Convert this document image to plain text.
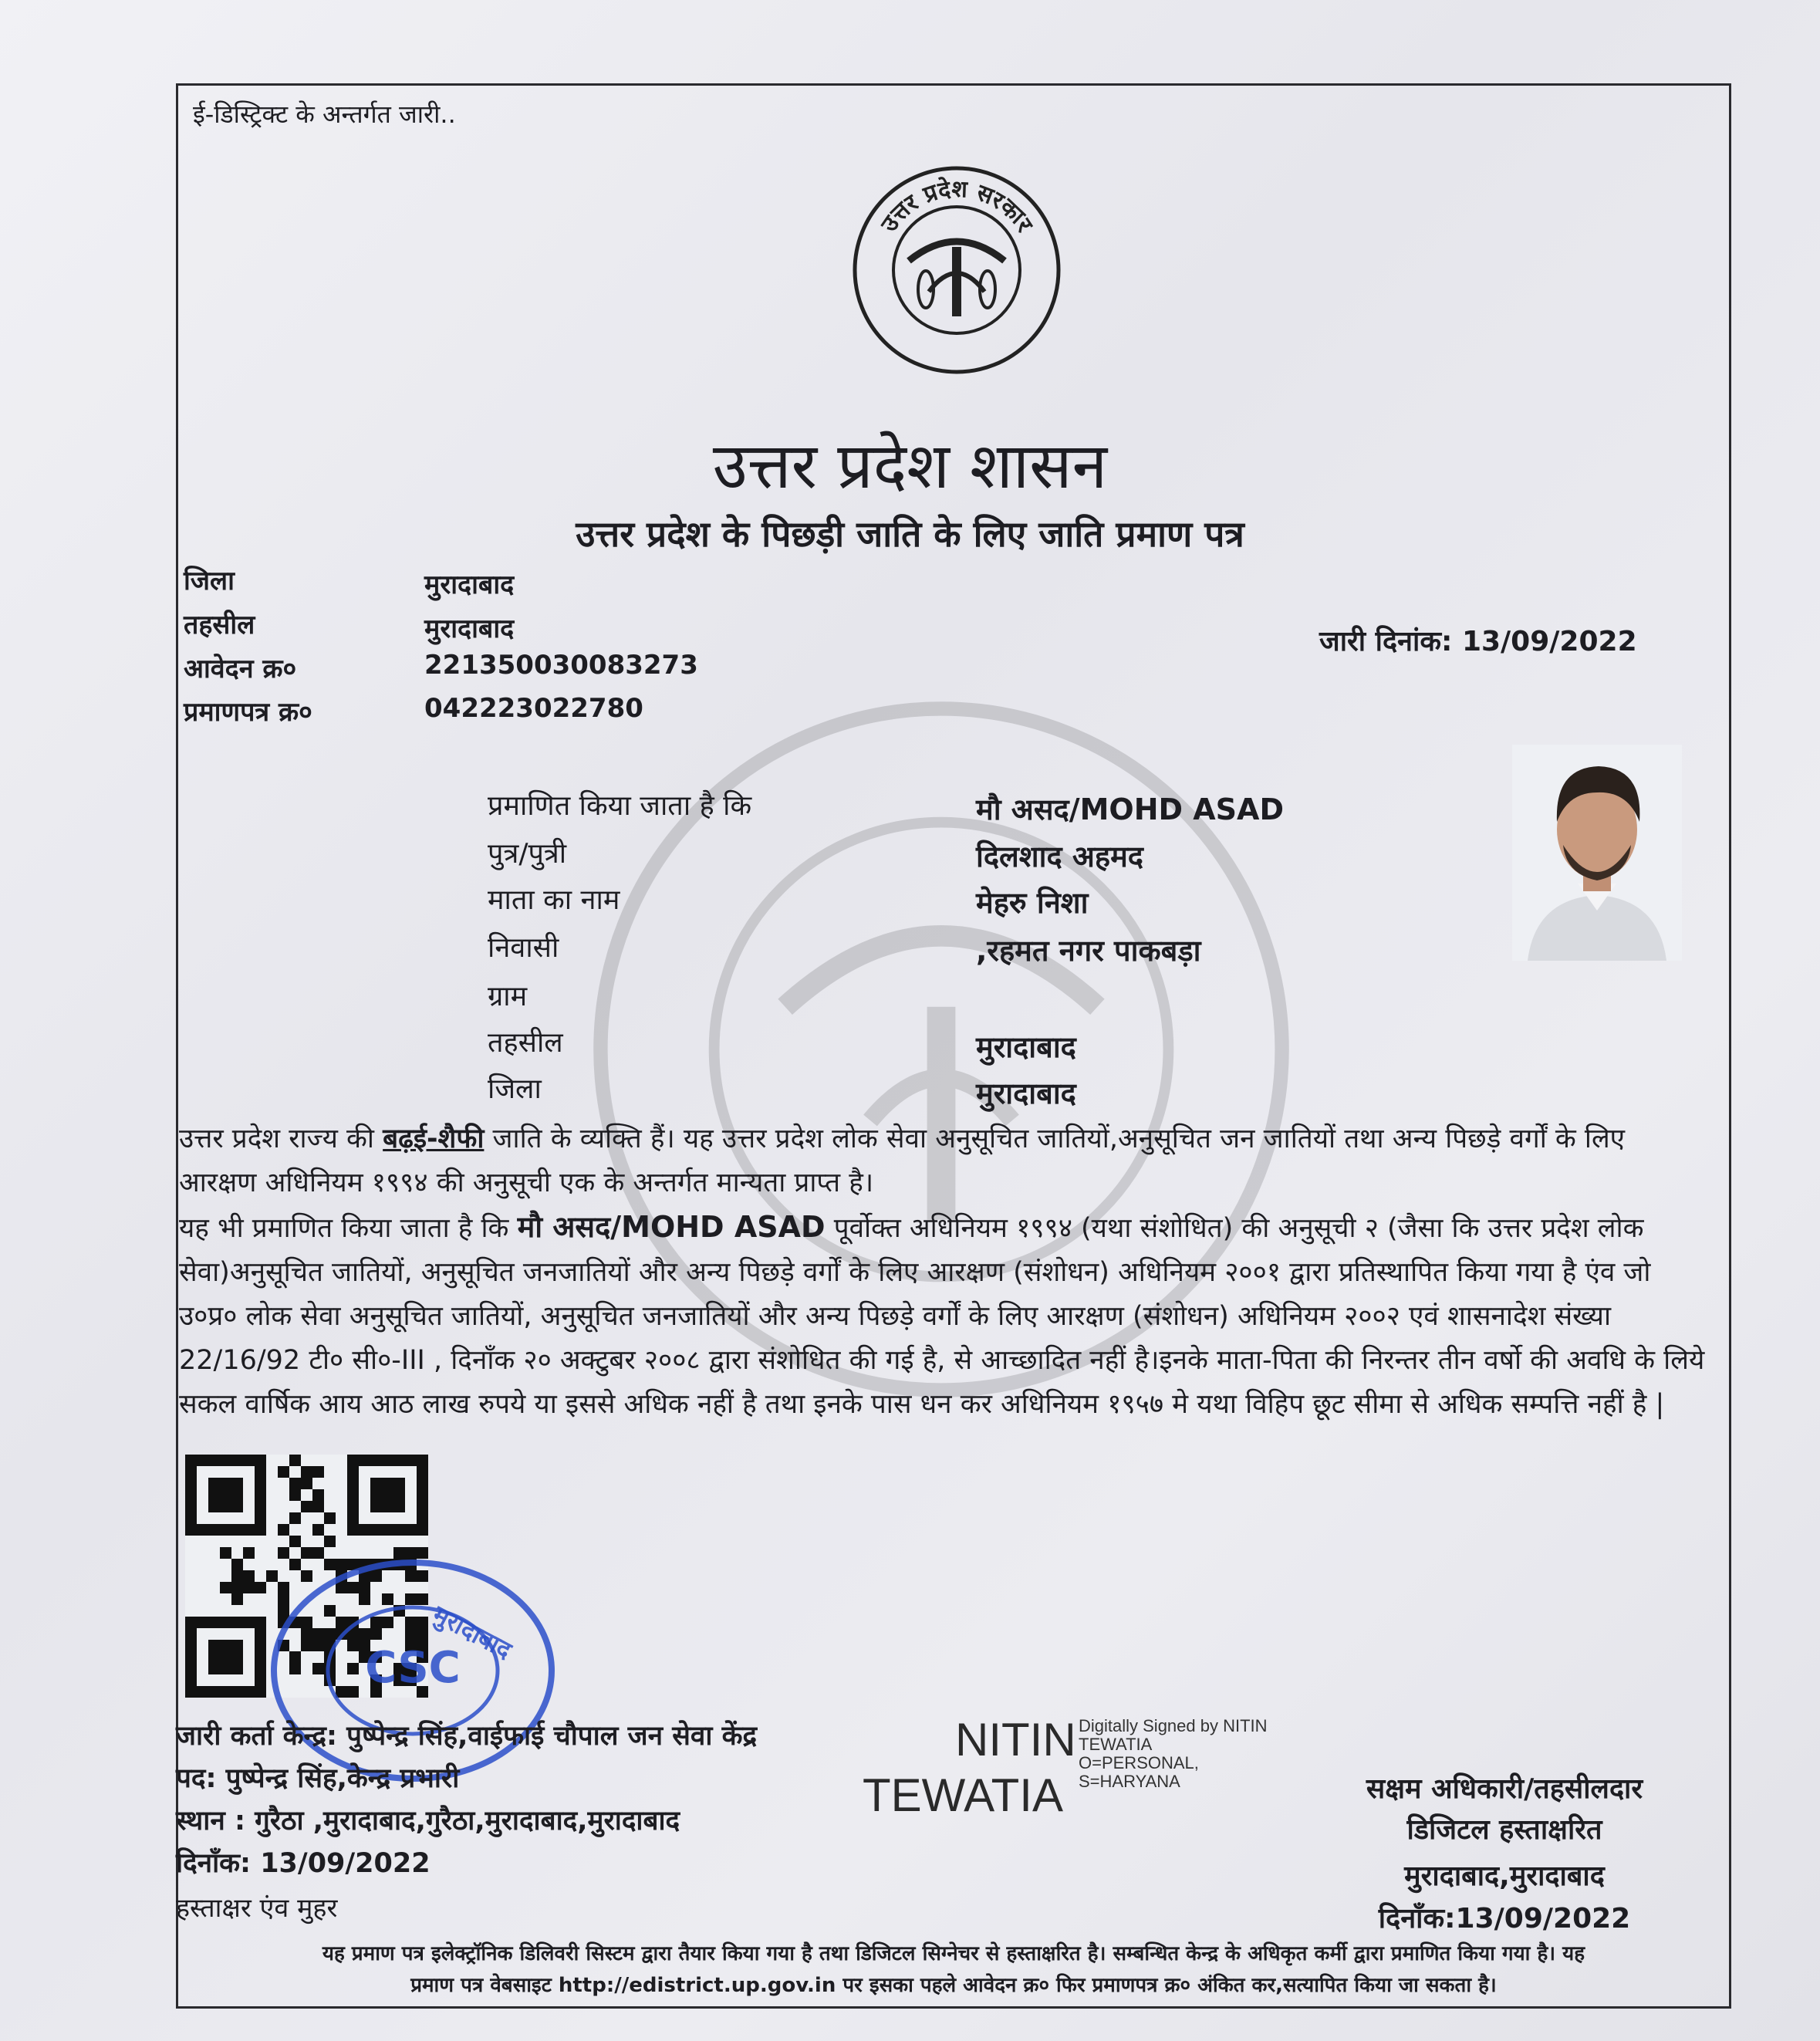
ई-डिस्ट्रिक्ट के अन्तर्गत जारी..
उत्तर प्रदेश सरकार
उत्तर प्रदेश शासन
उत्तर प्रदेश के पिछड़ी जाति के लिए जाति प्रमाण पत्र
जिला	मुरादाबाद
तहसील	मुरादाबाद
आवेदन क्र०	221350030083273
प्रमाणपत्र क्र०	042223022780
जारी दिनांक: 13/09/2022
प्रमाणित किया जाता है कि	मौ असद/MOHD ASAD
पुत्र/पुत्री	दिलशाद अहमद
माता का नाम	मेहरु निशा
निवासी	,रहमत नगर पाकबड़ा
ग्राम
तहसील	मुरादाबाद
जिला	मुरादाबाद

उत्तर प्रदेश राज्य की बढ़ई-शैफी जाति के व्यक्ति हैं। यह उत्तर प्रदेश लोक सेवा अनुसूचित जातियों,अनुसूचित जन जातियों तथा अन्य पिछड़े वर्गों के लिए आरक्षण अधिनियम १९९४ की अनुसूची एक के अन्तर्गत मान्यता प्राप्त है।

यह भी प्रमाणित किया जाता है कि मौ असद/MOHD ASAD पूर्वोक्त अधिनियम १९९४ (यथा संशोधित) की अनुसूची २ (जैसा कि उत्तर प्रदेश लोक सेवा)अनुसूचित जातियों, अनुसूचित जनजातियों और अन्य पिछड़े वर्गों के लिए आरक्षण (संशोधन) अधिनियम २००१ द्वारा प्रतिस्थापित किया गया है एंव जो उ०प्र० लोक सेवा अनुसूचित जातियों, अनुसूचित जनजातियों और अन्य पिछड़े वर्गों के लिए आरक्षण (संशोधन) अधिनियम २००२ एवं शासनादेश संख्या 22/16/92 टी० सी०-III , दिनाँक २० अक्टुबर २००८ द्वारा संशोधित की गई है, से आच्छादित नहीं है।इनके माता-पिता की निरन्तर तीन वर्षो की अवधि के लिये सकल वार्षिक आय आठ लाख रुपये या इससे अधिक नहीं है तथा इनके पास धन कर अधिनियम १९५७ मे यथा विहिप छूट सीमा से अधिक सम्पत्ति नहीं है |

CSC
मुरादाबाद
जारी कर्ता केन्द्र: पुष्पेन्द्र सिंह,वाईफाई चौपाल जन सेवा केंद्र
पद: पुष्पेन्द्र सिंह,केन्द्र प्रभारी
स्थान : गुरैठा ,मुरादाबाद,गुरैठा,मुरादाबाद,मुरादाबाद
दिनाँक: 13/09/2022
हस्ताक्षर एंव मुहर
NITIN
TEWATIA
Digitally Signed by NITIN
TEWATIA
O=PERSONAL,
S=HARYANA	सक्षम अधिकारी/तहसीलदार
डिजिटल हस्ताक्षरित
मुरादाबाद,मुरादाबाद
दिनाँक:13/09/2022
यह प्रमाण पत्र इलेक्ट्रॉनिक डिलिवरी सिस्टम द्वारा तैयार किया गया है तथा डिजिटल सिग्नेचर से हस्ताक्षरित है। सम्बन्धित केन्द्र के अधिकृत कर्मी द्वारा प्रमाणित किया गया है। यह
प्रमाण पत्र वेबसाइट http://edistrict.up.gov.in पर इसका पहले आवेदन क्र० फिर प्रमाणपत्र क्र० अंकित कर,सत्यापित किया जा सकता है।
